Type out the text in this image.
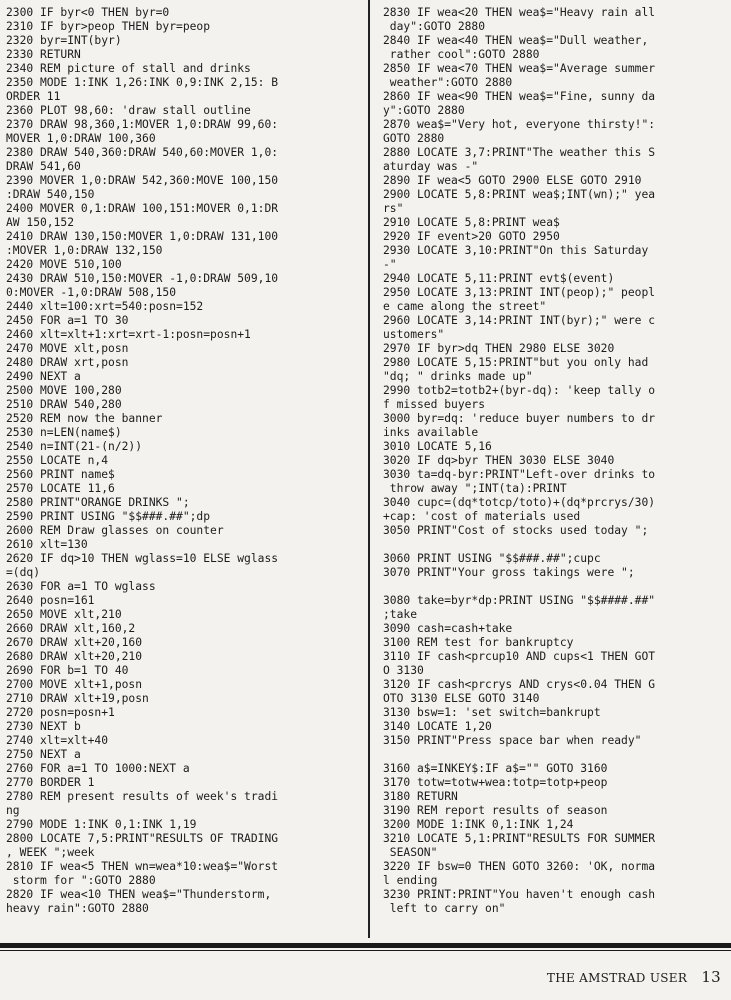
2300 IF byr<0 THEN byr=0
2310 IF byr>peop THEN byr=peop
2320 byr=INT(byr)
2330 RETURN
2340 REM picture of stall and drinks
2350 MODE 1:INK 1,26:INK 0,9:INK 2,15: B
ORDER 11
2360 PLOT 98,60: 'draw stall outline
2370 DRAW 98,360,1:MOVER 1,0:DRAW 99,60:
MOVER 1,0:DRAW 100,360
2380 DRAW 540,360:DRAW 540,60:MOVER 1,0:
DRAW 541,60
2390 MOVER 1,0:DRAW 542,360:MOVE 100,150
:DRAW 540,150
2400 MOVER 0,1:DRAW 100,151:MOVER 0,1:DR
AW 150,152
2410 DRAW 130,150:MOVER 1,0:DRAW 131,100
:MOVER 1,0:DRAW 132,150
2420 MOVE 510,100
2430 DRAW 510,150:MOVER -1,0:DRAW 509,10
0:MOVER -1,0:DRAW 508,150
2440 xlt=100:xrt=540:posn=152
2450 FOR a=1 TO 30
2460 xlt=xlt+1:xrt=xrt-1:posn=posn+1
2470 MOVE xlt,posn
2480 DRAW xrt,posn
2490 NEXT a
2500 MOVE 100,280
2510 DRAW 540,280
2520 REM now the banner
2530 n=LEN(name$)
2540 n=INT(21-(n/2))
2550 LOCATE n,4
2560 PRINT name$
2570 LOCATE 11,6
2580 PRINT"ORANGE DRINKS ";
2590 PRINT USING "$$###.##";dp
2600 REM Draw glasses on counter
2610 xlt=130
2620 IF dq>10 THEN wglass=10 ELSE wglass
=(dq)
2630 FOR a=1 TO wglass
2640 posn=161
2650 MOVE xlt,210
2660 DRAW xlt,160,2
2670 DRAW xlt+20,160
2680 DRAW xlt+20,210
2690 FOR b=1 TO 40
2700 MOVE xlt+1,posn
2710 DRAW xlt+19,posn
2720 posn=posn+1
2730 NEXT b
2740 xlt=xlt+40
2750 NEXT a
2760 FOR a=1 TO 1000:NEXT a
2770 BORDER 1
2780 REM present results of week's tradi
ng
2790 MODE 1:INK 0,1:INK 1,19
2800 LOCATE 7,5:PRINT"RESULTS OF TRADING
, WEEK ";week
2810 IF wea<5 THEN wn=wea*10:wea$="Worst
storm for ":GOTO 2880
2820 IF wea<10 THEN wea$="Thunderstorm,
heavy rain":GOTO 2880
2830 IF wea<20 THEN wea$="Heavy rain all
day":GOTO 2880
2840 IF wea<40 THEN wea$="Dull weather,
rather cool":GOTO 2880
2850 IF wea<70 THEN wea$="Average summer
weather":GOTO 2880
2860 IF wea<90 THEN wea$="Fine, sunny da
y":GOTO 2880
2870 wea$="Very hot, everyone thirsty!":
GOTO 2880
2880 LOCATE 3,7:PRINT"The weather this S
aturday was -"
2890 IF wea<5 GOTO 2900 ELSE GOTO 2910
2900 LOCATE 5,8:PRINT wea$;INT(wn);" yea
rs"
2910 LOCATE 5,8:PRINT wea$
2920 IF event>20 GOTO 2950
2930 LOCATE 3,10:PRINT"On this Saturday
-"
2940 LOCATE 5,11:PRINT evt$(event)
2950 LOCATE 3,13:PRINT INT(peop);" peopl
e came along the street"
2960 LOCATE 3,14:PRINT INT(byr);" were c
ustomers"
2970 IF byr>dq THEN 2980 ELSE 3020
2980 LOCATE 5,15:PRINT"but you only had
"dq; " drinks made up"
2990 totb2=totb2+(byr-dq): 'keep tally o
f missed buyers
3000 byr=dq: 'reduce buyer numbers to dr
inks available
3010 LOCATE 5,16
3020 IF dq>byr THEN 3030 ELSE 3040
3030 ta=dq-byr:PRINT"Left-over drinks to
throw away ";INT(ta):PRINT
3040 cupc=(dq*totcp/toto)+(dq*prcrys/30)
+cap: 'cost of materials used
3050 PRINT"Cost of stocks used today ";
3060 PRINT USING "$$###.##";cupc
3070 PRINT"Your gross takings were ";
3080 take=byr*dp:PRINT USING "$$####.##"
;take
3090 cash=cash+take
3100 REM test for bankruptcy
3110 IF cash<prcup10 AND cups<1 THEN GOT
O 3130
3120 IF cash<prcrys AND crys<0.04 THEN G
OTO 3130 ELSE GOTO 3140
3130 bsw=1: 'set switch=bankrupt
3140 LOCATE 1,20
3150 PRINT"Press space bar when ready"
3160 a$=INKEY$:IF a$="" GOTO 3160
3170 totw=totw+wea:totp=totp+peop
3180 RETURN
3190 REM report results of season
3200 MODE 1:INK 0,1:INK 1,24
3210 LOCATE 5,1:PRINT"RESULTS FOR SUMMER
SEASON"
3220 IF bsw=0 THEN GOTO 3260: 'OK, norma
l ending
3230 PRINT:PRINT"You haven't enough cash
left to carry on"
THE AMSTRAD USER 13
